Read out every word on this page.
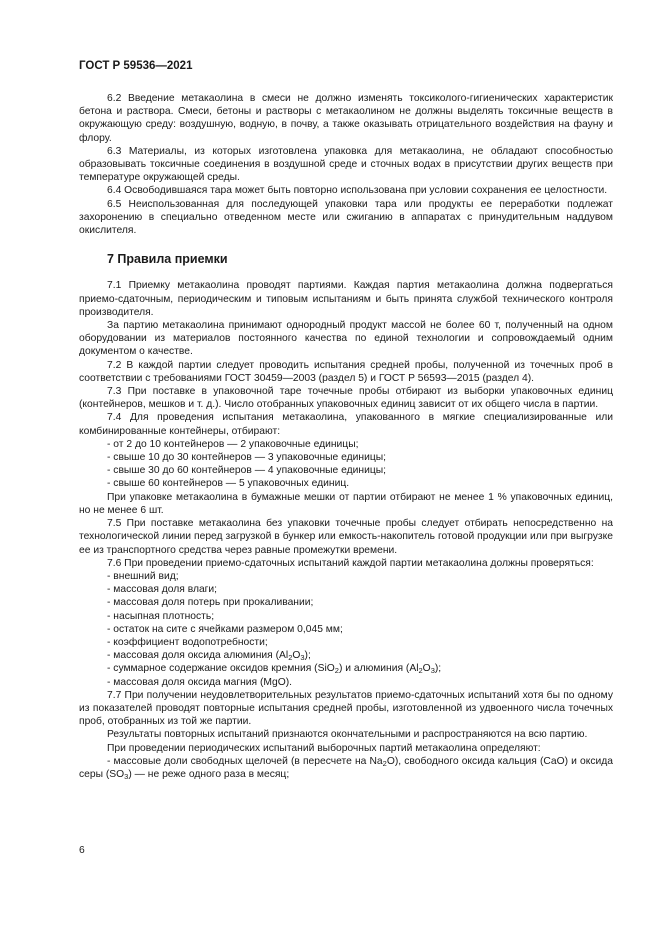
ГОСТ Р 59536—2021

6.2 Введение метакаолина в смеси не должно изменять токсиколого-гигиенических характеристик бетона и раствора. Смеси, бетоны и растворы с метакаолином не должны выделять токсичные веществ в окружающую среду: воздушную, водную, в почву, а также оказывать отрицательного воздействия на фауну и флору.

6.3 Материалы, из которых изготовлена упаковка для метакаолина, не обладают способностью образовывать токсичные соединения в воздушной среде и сточных водах в присутствии других веществ при температуре окружающей среды.

6.4 Освободившаяся тара может быть повторно использована при условии сохранения ее целостности.

6.5 Неиспользованная для последующей упаковки тара или продукты ее переработки подлежат захоронению в специально отведенном месте или сжиганию в аппаратах с принудительным наддувом окислителя.

7 Правила приемки

7.1 Приемку метакаолина проводят партиями. Каждая партия метакаолина должна подвергаться приемо-сдаточным, периодическим и типовым испытаниям и быть принята службой технического контроля производителя.

За партию метакаолина принимают однородный продукт массой не более 60 т, полученный на одном оборудовании из материалов постоянного качества по единой технологии и сопровождаемый одним документом о качестве.

7.2 В каждой партии следует проводить испытания средней пробы, полученной из точечных проб в соответствии с требованиями ГОСТ 30459—2003 (раздел 5) и ГОСТ Р 56593—2015 (раздел 4).

7.3 При поставке в упаковочной таре точечные пробы отбирают из выборки упаковочных единиц (контейнеров, мешков и т. д.). Число отобранных упаковочных единиц зависит от их общего числа в партии.

7.4 Для проведения испытания метакаолина, упакованного в мягкие специализированные или комбинированные контейнеры, отбирают:

- от 2 до 10 контейнеров — 2 упаковочные единицы;

- свыше 10 до 30 контейнеров — 3 упаковочные единицы;

- свыше 30 до 60 контейнеров — 4 упаковочные единицы;

- свыше 60 контейнеров — 5 упаковочных единиц.

При упаковке метакаолина в бумажные мешки от партии отбирают не менее 1 % упаковочных единиц, но не менее 6 шт.

7.5 При поставке метакаолина без упаковки точечные пробы следует отбирать непосредственно на технологической линии перед загрузкой в бункер или емкость-накопитель готовой продукции или при выгрузке ее из транспортного средства через равные промежутки времени.

7.6 При проведении приемо-сдаточных испытаний каждой партии метакаолина должны проверяться:

- внешний вид;

- массовая доля влаги;

- массовая доля потерь при прокаливании;

- насыпная плотность;

- остаток на сите с ячейками размером 0,045 мм;

- коэффициент водопотребности;

- массовая доля оксида алюминия $(Al_2O_3)$;

- суммарное содержание оксидов кремния (SiO$_2$) и алюминия $(Al_2O_3)$;

- массовая доля оксида магния (MgO).

7.7 При получении неудовлетворительных результатов приемо-сдаточных испытаний хотя бы по одному из показателей проводят повторные испытания средней пробы, изготовленной из удвоенного числа точечных проб, отобранных из той же партии.

Результаты повторных испытаний признаются окончательными и распространяются на всю партию.

При проведении периодических испытаний выборочных партий метакаолина определяют:

- массовые доли свободных щелочей (в пересчете на $Na_2O$), свободного оксида кальция (CaO) и оксида серы $(SO_3)$ — не реже одного раза в месяц;

6
